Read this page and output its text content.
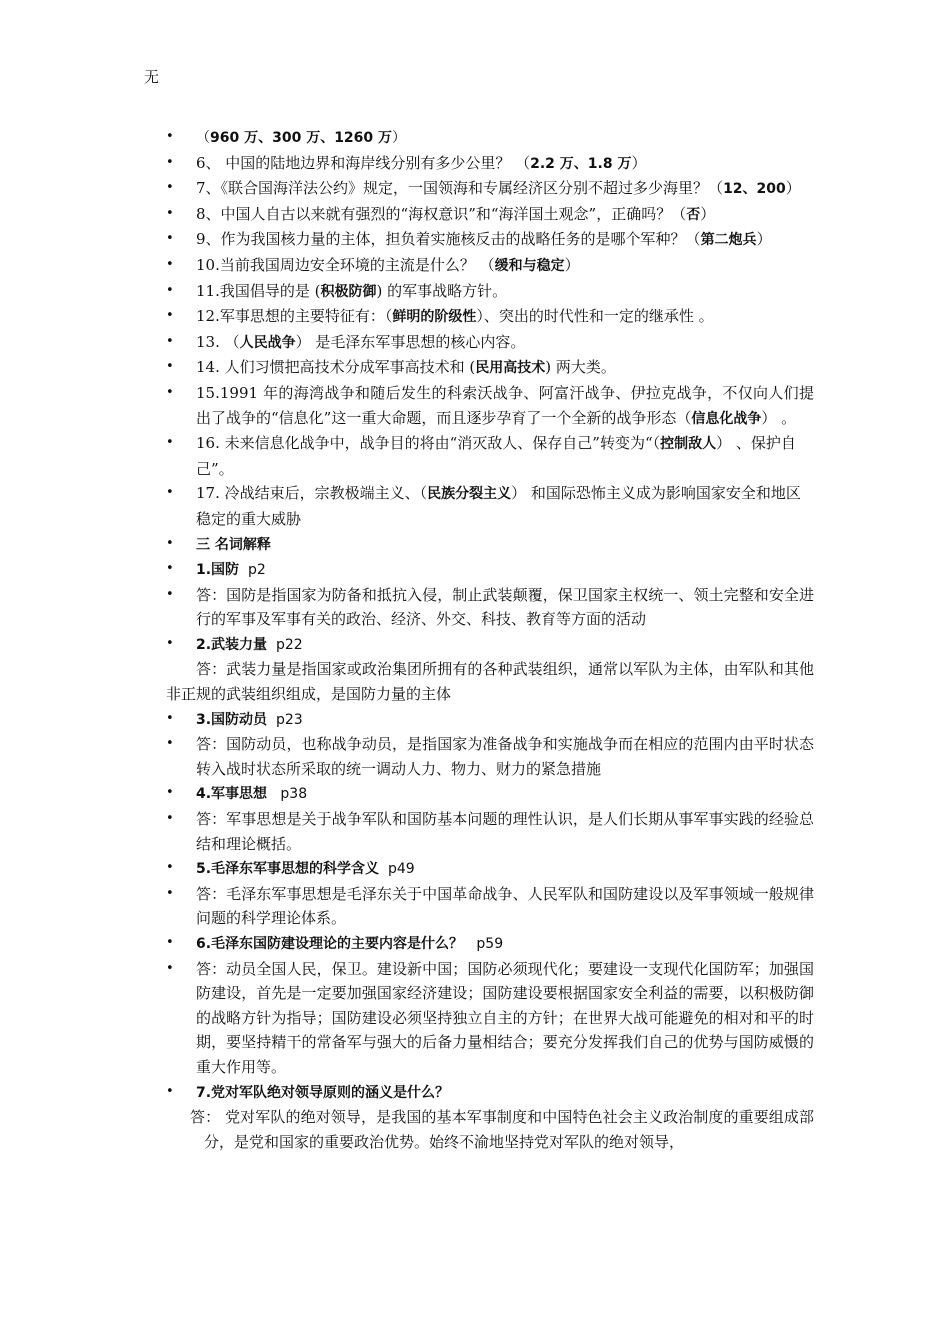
无
• （960 万、300 万、1260 万）
• 6、 中国的陆地边界和海岸线分别有多少公里？ （2.2 万、1.8 万）
• 7、《联合国海洋法公约》规定，一国领海和专属经济区分别不超过多少海里？（12、200）
• 8、中国人自古以来就有强烈的“海权意识”和“海洋国土观念”，正确吗？（否）
• 9、作为我国核力量的主体，担负着实施核反击的战略任务的是哪个军种？（第二炮兵）
• 10.当前我国周边安全环境的主流是什么？ （缓和与稳定）
• 11.我国倡导的是 (积极防御) 的军事战略方针。
• 12.军事思想的主要特征有：（鲜明的阶级性）、突出的时代性和一定的继承性 。
• 13. （人民战争） 是毛泽东军事思想的核心内容。
• 14. 人们习惯把高技术分成军事高技术和 (民用高技术) 两大类。
• 15.1991 年的海湾战争和随后发生的科索沃战争、阿富汗战争、伊拉克战争，不仅向人们提出了战争的“信息化”这一重大命题，而且逐步孕育了一个全新的战争形态（信息化战争） 。
• 16. 未来信息化战争中，战争目的将由“消灭敌人、保存自己”转变为“（控制敌人） 、保护自己”。
• 17. 冷战结束后，宗教极端主义、（民族分裂主义） 和国际恐怖主义成为影响国家安全和地区稳定的重大威胁
• 三 名词解释
• 1.国防 p2
• 答：国防是指国家为防备和抵抗入侵，制止武装颠覆，保卫国家主权统一、领土完整和安全进行的军事及军事有关的政治、经济、外交、科技、教育等方面的活动
• 2.武装力量 p22
答：武装力量是指国家或政治集团所拥有的各种武装组织，通常以军队为主体，由军队和其他非正规的武装组织组成，是国防力量的主体
• 3.国防动员 p23
• 答：国防动员，也称战争动员，是指国家为准备战争和实施战争而在相应的范围内由平时状态转入战时状态所采取的统一调动人力、物力、财力的紧急措施
• 4.军事思想 p38
• 答：军事思想是关于战争军队和国防基本问题的理性认识，是人们长期从事军事实践的经验总结和理论概括。
• 5.毛泽东军事思想的科学含义 p49
• 答：毛泽东军事思想是毛泽东关于中国革命战争、人民军队和国防建设以及军事领域一般规律问题的科学理论体系。
• 6.毛泽东国防建设理论的主要内容是什么？ p59
• 答：动员全国人民，保卫。建设新中国；国防必须现代化；要建设一支现代化国防军；加强国防建设，首先是一定要加强国家经济建设；国防建设要根据国家安全利益的需要，以积极防御的战略方针为指导；国防建设必须坚持独立自主的方针；在世界大战可能避免的相对和平的时期，要坚持精干的常备军与强大的后备力量相结合；要充分发挥我们自己的优势与国防威慑的重大作用等。
• 7.党对军队绝对领导原则的涵义是什么？
答： 党对军队的绝对领导，是我国的基本军事制度和中国特色社会主义政治制度的重要组成部分，是党和国家的重要政治优势。始终不渝地坚持党对军队的绝对领导，
